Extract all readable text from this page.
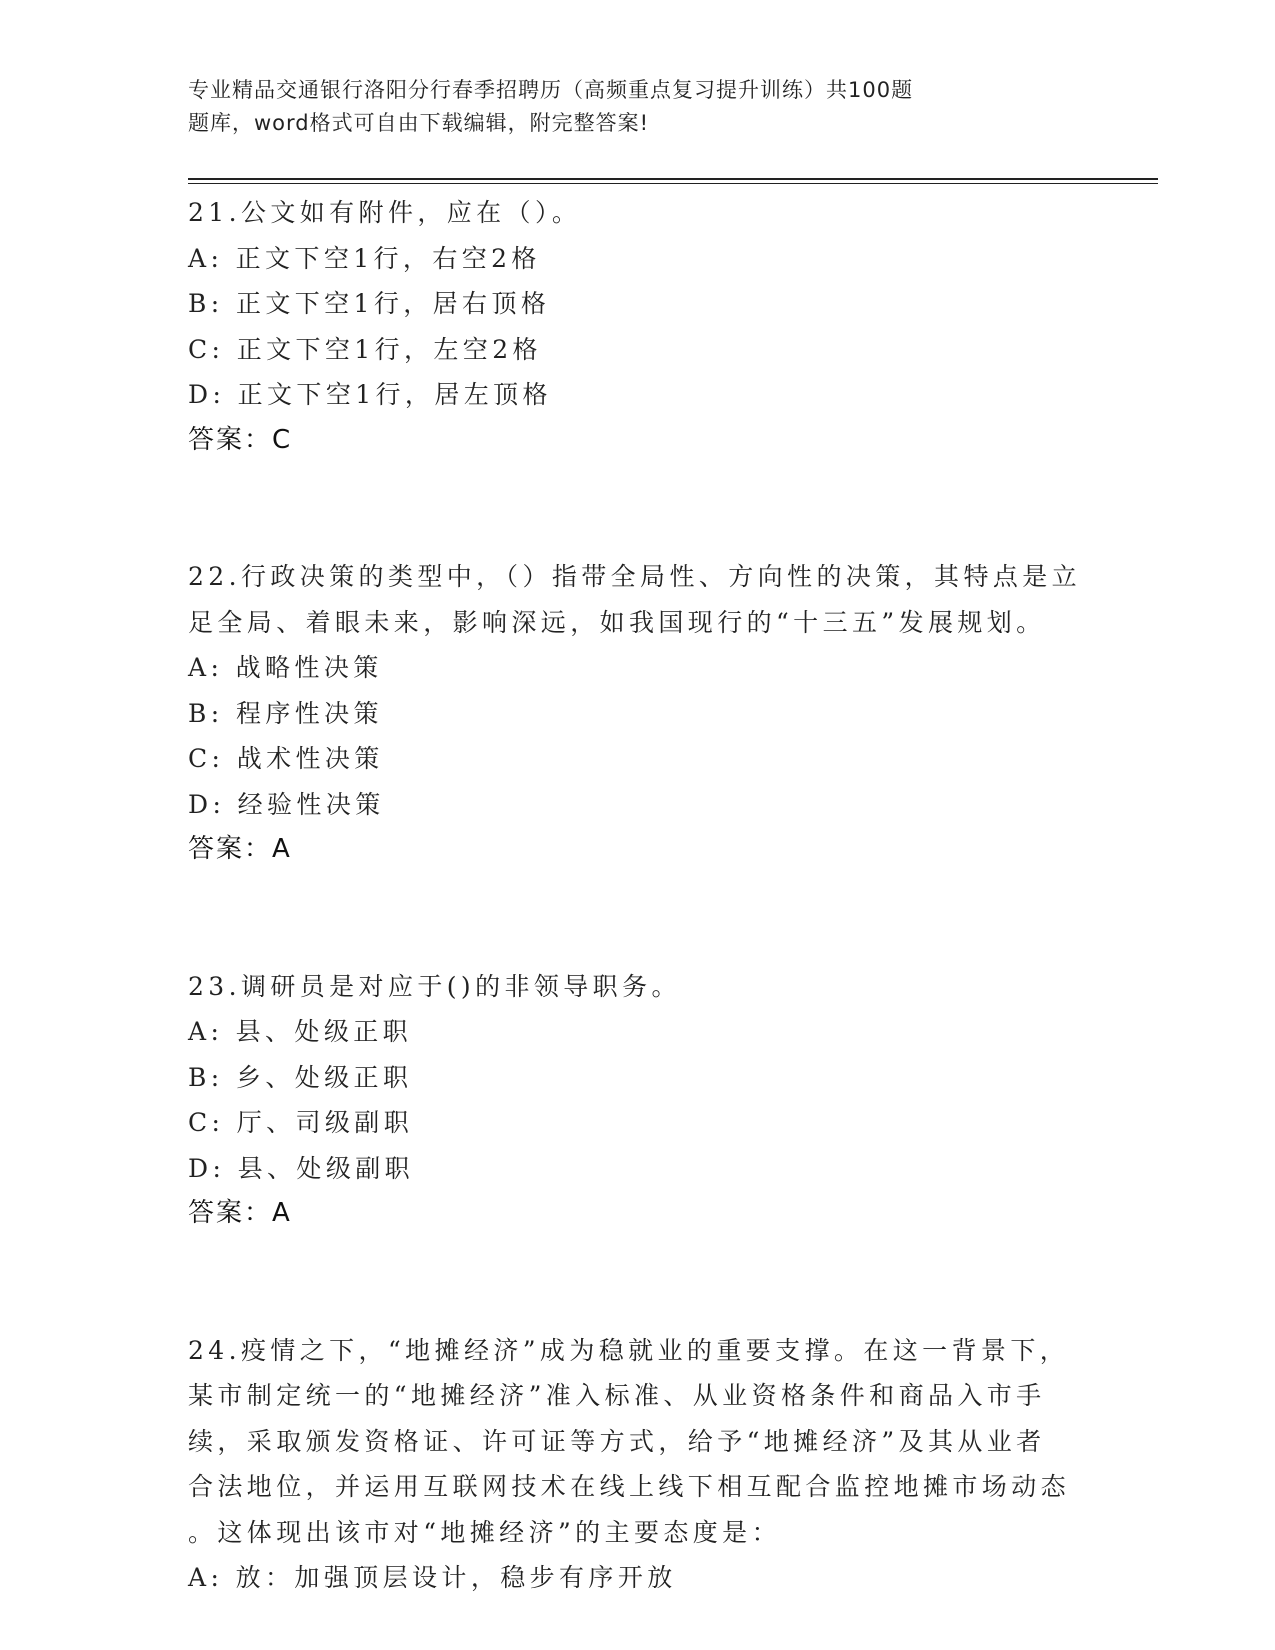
专业精品交通银行洛阳分行春季招聘历（高频重点复习提升训练）共100题
题库，word格式可自由下载编辑，附完整答案!

21.公文如有附件，应在（）。

A: 正文下空1行，右空2格

B: 正文下空1行，居右顶格

C: 正文下空1行，左空2格

D: 正文下空1行，居左顶格

答案：C

22.行政决策的类型中，（）指带全局性、方向性的决策，其特点是立

足全局、着眼未来，影响深远，如我国现行的“十三五”发展规划。

A: 战略性决策

B: 程序性决策

C: 战术性决策

D: 经验性决策

答案：A

23.调研员是对应于()的非领导职务。

A: 县、处级正职

B: 乡、处级正职

C: 厅、司级副职

D: 县、处级副职

答案：A

24.疫情之下，“地摊经济”成为稳就业的重要支撑。在这一背景下，

某市制定统一的“地摊经济”准入标准、从业资格条件和商品入市手

续，采取颁发资格证、许可证等方式，给予“地摊经济”及其从业者

合法地位，并运用互联网技术在线上线下相互配合监控地摊市场动态

。这体现出该市对“地摊经济”的主要态度是：

A: 放：加强顶层设计，稳步有序开放
